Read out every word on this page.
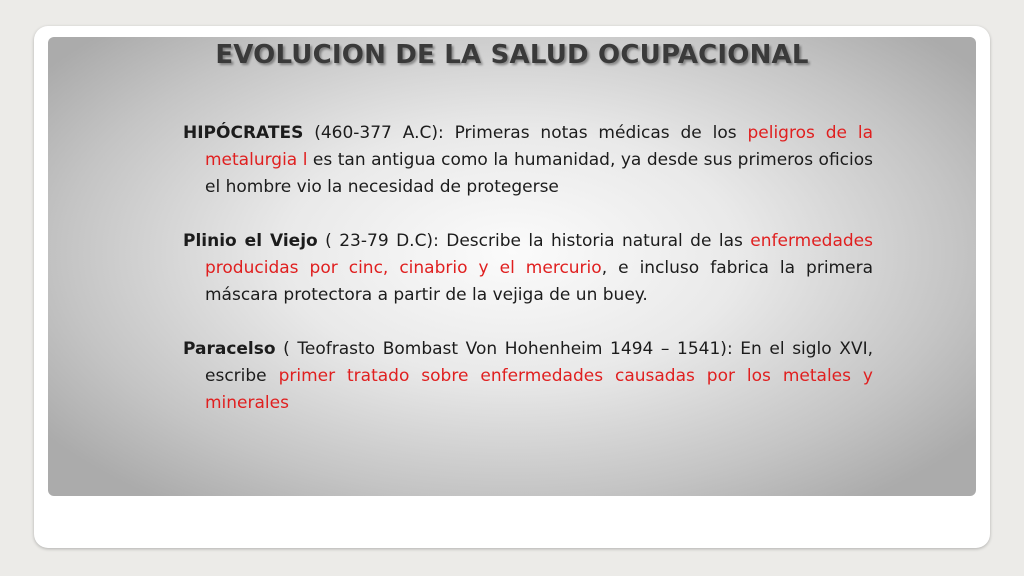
EVOLUCION DE LA SALUD OCUPACIONAL

HIPÓCRATES (460-377 A.C): Primeras notas médicas de los peligros de la metalurgia l es tan antigua como la humanidad, ya desde sus primeros oficios el hombre vio la necesidad de protegerse

Plinio el Viejo ( 23-79 D.C): Describe la historia natural de las enfermedades producidas por cinc, cinabrio y el mercurio, e incluso fabrica la primera máscara protectora a partir de la vejiga de un buey.

Paracelso ( Teofrasto Bombast Von Hohenheim 1494 – 1541): En el siglo XVI, escribe primer tratado sobre enfermedades causadas por los metales y minerales
